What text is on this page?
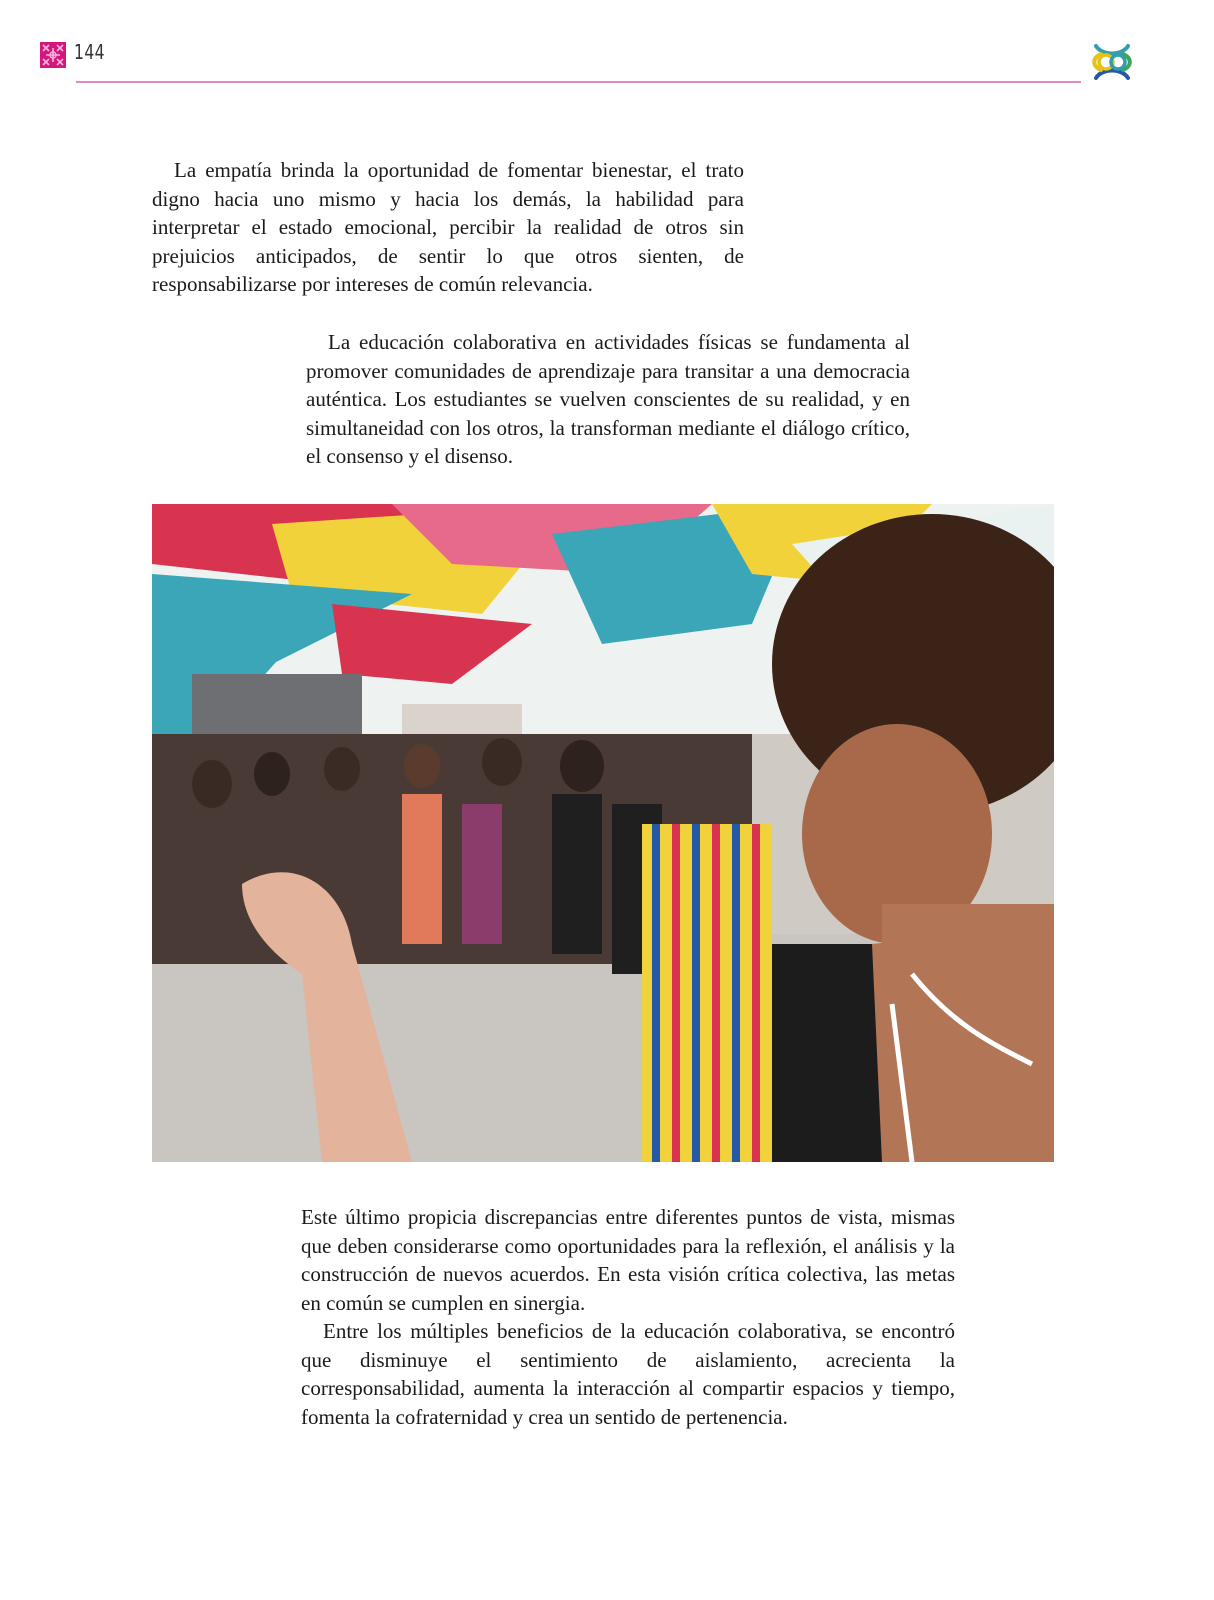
144

La empatía brinda la oportunidad de fomentar bienestar, el trato digno hacia uno mismo y hacia los demás, la habilidad para interpretar el estado emocional, percibir la realidad de otros sin prejuicios anticipados, de sentir lo que otros sienten, de responsabilizarse por intereses de común relevancia.

La educación colaborativa en actividades físicas se fundamenta al promover comunidades de aprendizaje para transitar a una democracia auténtica. Los estudiantes se vuelven conscientes de su realidad, y en simultaneidad con los otros, la transforman mediante el diálogo crítico, el consenso y el disenso.

Este último propicia discrepancias entre diferentes puntos de vista, mismas que deben considerarse como oportunidades para la reflexión, el análisis y la construcción de nuevos acuerdos. En esta visión crítica colectiva, las metas en común se cumplen en sinergia.

Entre los múltiples beneficios de la educación colaborativa, se encontró que disminuye el sentimiento de aislamiento, acrecienta la corresponsabilidad, aumenta la interacción al compartir espacios y tiempo, fomenta la cofraternidad y crea un sentido de pertenencia.
